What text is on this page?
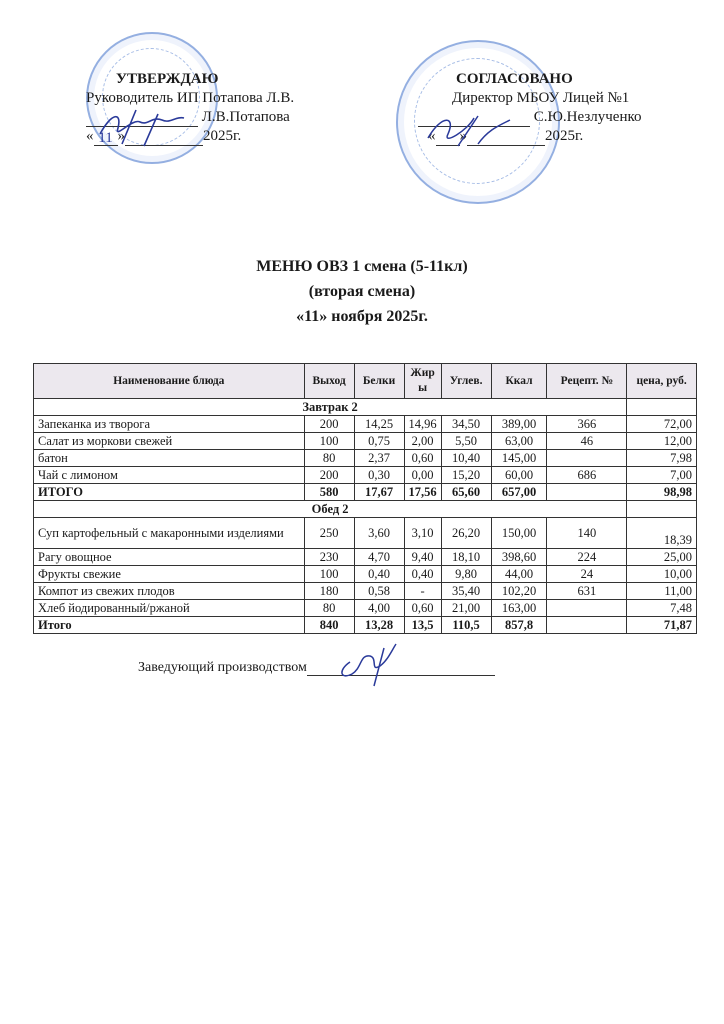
УТВЕРЖДАЮ
Руководитель ИП Потапова Л.В.
Л.В.Потапова
« 11 »	2025г.
СОГЛАСОВАНО
Директор МБОУ Лицей №1
С.Ю.Незлученко
« »	2025г.
МЕНЮ ОВЗ 1 смена (5-11кл)
(вторая смена)
«11» ноября 2025г.
Наименование блюда	Выход	Белки	Жир ы	Углев.	Ккал	Рецепт. №	цена, руб.
Завтрак 2							
Запеканка из творога	200	14,25	14,96	34,50	389,00	366	72,00
Салат из моркови свежей	100	0,75	2,00	5,50	63,00	46	12,00
батон	80	2,37	0,60	10,40	145,00		7,98
Чай с лимоном	200	0,30	0,00	15,20	60,00	686	7,00
ИТОГО	580	17,67	17,56	65,60	657,00		98,98
Обед 2							
Суп картофельный с макаронными изделиями	250	3,60	3,10	26,20	150,00	140	18,39
Рагу овощное	230	4,70	9,40	18,10	398,60	224	25,00
Фрукты свежие	100	0,40	0,40	9,80	44,00	24	10,00
Компот из свежих плодов	180	0,58	-	35,40	102,20	631	11,00
Хлеб йодированный/ржаной	80	4,00	0,60	21,00	163,00		7,48
Итого	840	13,28	13,5	110,5	857,8		71,87
Заведующий производством
